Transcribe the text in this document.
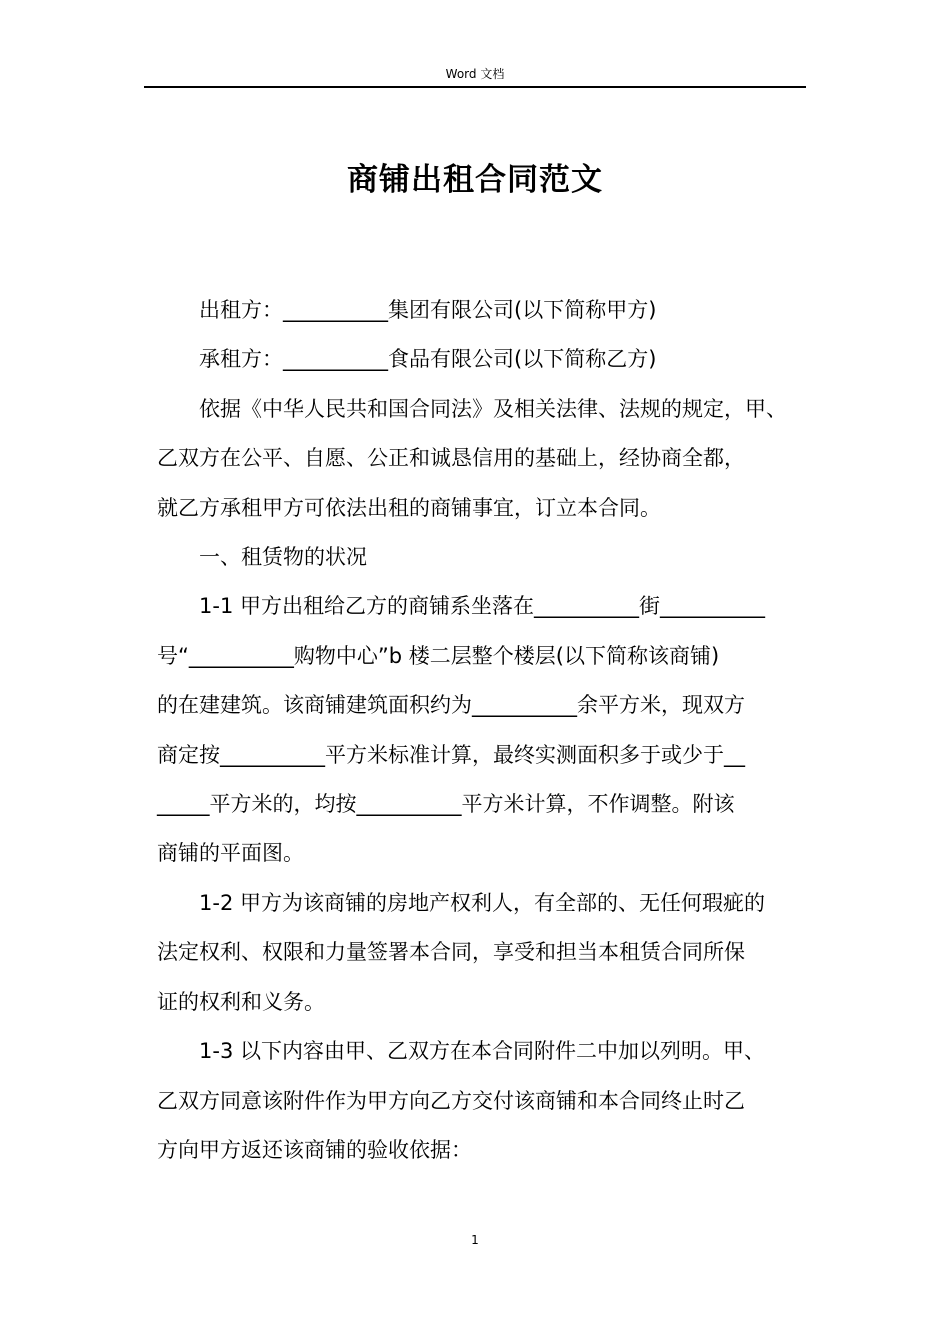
Word 文档
商铺出租合同范文
出租方：__________集团有限公司(以下简称甲方)
承租方：__________食品有限公司(以下简称乙方)
依据《中华人民共和国合同法》及相关法律、法规的规定，甲、
乙双方在公平、自愿、公正和诚恳信用的基础上，经协商全都，
就乙方承租甲方可依法出租的商铺事宜，订立本合同。
一、租赁物的状况
1-1 甲方出租给乙方的商铺系坐落在__________街__________
号“__________购物中心”b 楼二层整个楼层(以下简称该商铺)
的在建建筑。该商铺建筑面积约为__________余平方米，现双方
商定按__________平方米标准计算，最终实测面积多于或少于__
_____平方米的，均按__________平方米计算，不作调整。附该
商铺的平面图。
1-2 甲方为该商铺的房地产权利人，有全部的、无任何瑕疵的
法定权利、权限和力量签署本合同，享受和担当本租赁合同所保
证的权利和义务。
1-3 以下内容由甲、乙双方在本合同附件二中加以列明。甲、
乙双方同意该附件作为甲方向乙方交付该商铺和本合同终止时乙
方向甲方返还该商铺的验收依据：
1
